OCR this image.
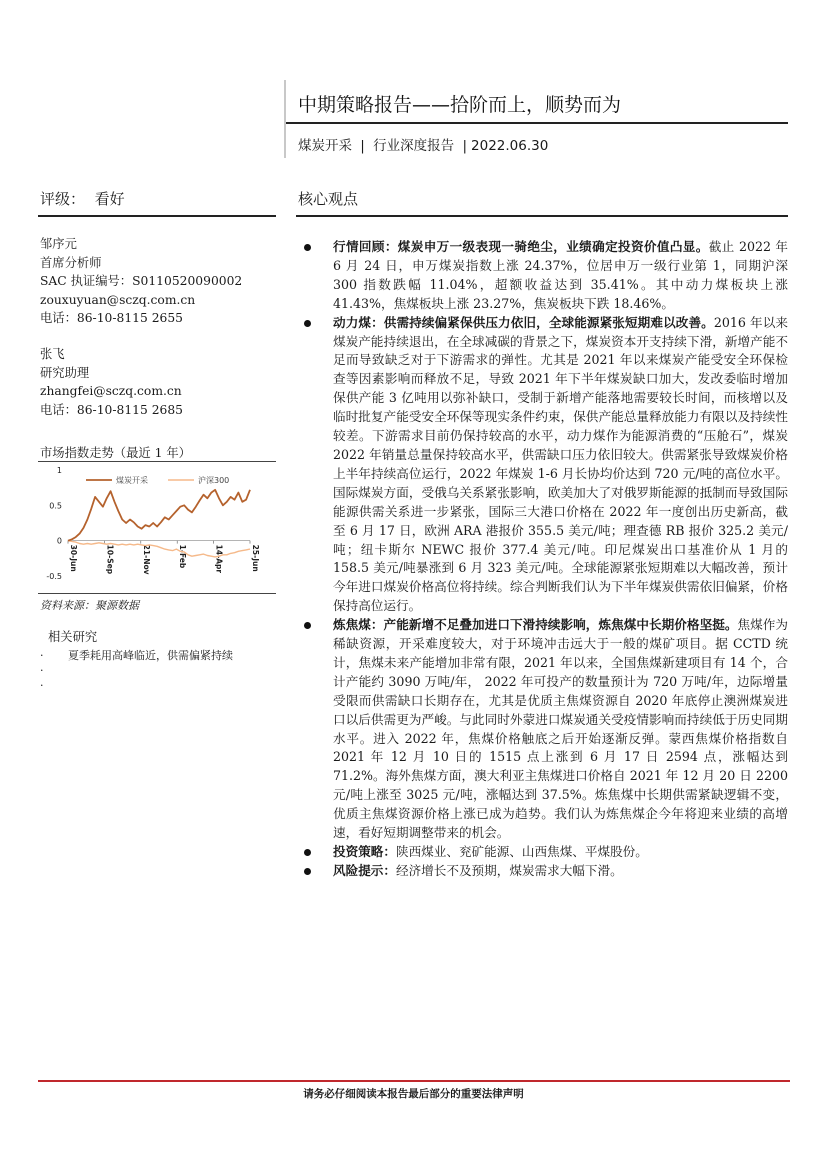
中期策略报告——拾阶而上，顺势而为
煤炭开采 | 行业深度报告 | 2022.06.30
评级： 看好
邹序元
首席分析师
SAC 执证编号：S0110520090002
zouxuyuan@sczq.com.cn
电话：86-10-8115 2655
张飞
研究助理
zhangfei@sczq.com.cn
电话：86-10-8115 2685
市场指数走势（最近 1 年）
1
0.5
0
-0.5
30-Jun	10-Sep	21-Nov	1-Feb	14-Apr	25-Jun
煤炭开采	沪深300
资料来源：聚源数据
相关研究
·	夏季耗用高峰临近，供需偏紧持续
·
·
核心观点
行情回顾：煤炭申万一级表现一骑绝尘，业绩确定投资价值凸显。截止 2022 年 6 月 24 日，申万煤炭指数上涨 24.37%，位居申万一级行业第 1，同期沪深 300 指数跌幅 11.04%，超额收益达到 35.41%。其中动力煤板块上涨 41.43%，焦煤板块上涨 23.27%，焦炭板块下跌 18.46%。
动力煤：供需持续偏紧保供压力依旧，全球能源紧张短期难以改善。2016 年以来煤炭产能持续退出，在全球减碳的背景之下，煤炭资本开支持续下滑，新增产能不足而导致缺乏对于下游需求的弹性。尤其是 2021 年以来煤炭产能受安全环保检查等因素影响而释放不足，导致 2021 年下半年煤炭缺口加大，发改委临时增加保供产能 3 亿吨用以弥补缺口，受制于新增产能落地需要较长时间，而核增以及临时批复产能受安全环保等现实条件约束，保供产能总量释放能力有限以及持续性较差。下游需求目前仍保持较高的水平，动力煤作为能源消费的“压舱石”，煤炭 2022 年销量总量保持较高水平，供需缺口压力依旧较大。供需紧张导致煤炭价格上半年持续高位运行，2022 年煤炭 1-6 月长协均价达到 720 元/吨的高位水平。国际煤炭方面，受俄乌关系紧张影响，欧美加大了对俄罗斯能源的抵制而导致国际能源供需关系进一步紧张，国际三大港口价格在 2022 年一度创出历史新高，截至 6 月 17 日，欧洲 ARA 港报价 355.5 美元/吨；理查德 RB 报价 325.2 美元/吨；纽卡斯尔 NEWC 报价 377.4 美元/吨。印尼煤炭出口基准价从 1 月的 158.5 美元/吨暴涨到 6 月 323 美元/吨。全球能源紧张短期难以大幅改善，预计今年进口煤炭价格高位将持续。综合判断我们认为下半年煤炭供需依旧偏紧，价格保持高位运行。
炼焦煤：产能新增不足叠加进口下滑持续影响，炼焦煤中长期价格坚挺。焦煤作为稀缺资源，开采难度较大，对于环境冲击远大于一般的煤矿项目。据 CCTD 统计，焦煤未来产能增加非常有限，2021 年以来，全国焦煤新建项目有 14 个，合计产能约 3090 万吨/年， 2022 年可投产的数量预计为 720 万吨/年，边际增量受限而供需缺口长期存在，尤其是优质主焦煤资源自 2020 年底停止澳洲煤炭进口以后供需更为严峻。与此同时外蒙进口煤炭通关受疫情影响而持续低于历史同期水平。进入 2022 年，焦煤价格触底之后开始逐渐反弹。蒙西焦煤价格指数自 2021 年 12 月 10 日的 1515 点上涨到 6 月 17 日 2594 点，涨幅达到 71.2%。海外焦煤方面，澳大利亚主焦煤进口价格自 2021 年 12 月 20 日 2200 元/吨上涨至 3025 元/吨，涨幅达到 37.5%。炼焦煤中长期供需紧缺逻辑不变，优质主焦煤资源价格上涨已成为趋势。我们认为炼焦煤企今年将迎来业绩的高增速，看好短期调整带来的机会。
投资策略：陕西煤业、兖矿能源、山西焦煤、平煤股份。
风险提示：经济增长不及预期，煤炭需求大幅下滑。
请务必仔细阅读本报告最后部分的重要法律声明
